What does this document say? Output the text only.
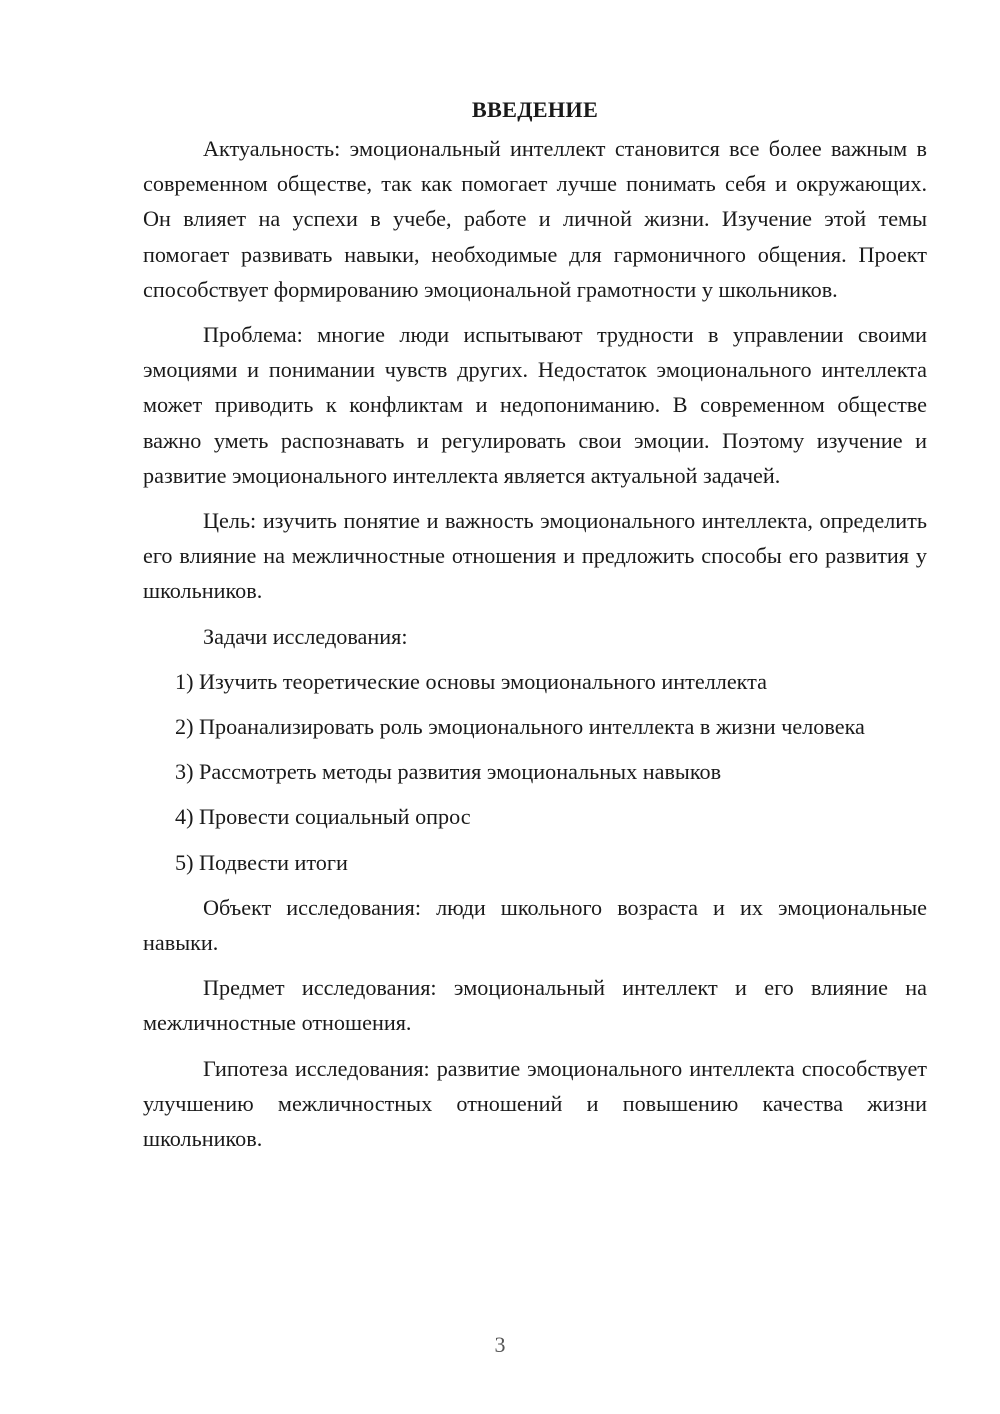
ВВЕДЕНИЕ

Актуальность: эмоциональный интеллект становится все более важным в современном обществе, так как помогает лучше понимать себя и окружающих. Он влияет на успехи в учебе, работе и личной жизни. Изучение этой темы помогает развивать навыки, необходимые для гармоничного общения. Проект способствует формированию эмоциональной грамотности у школьников.

Проблема: многие люди испытывают трудности в управлении своими эмоциями и понимании чувств других. Недостаток эмоционального интеллекта может приводить к конфликтам и недопониманию. В современном обществе важно уметь распознавать и регулировать свои эмоции. Поэтому изучение и развитие эмоционального интеллекта является актуальной задачей.

Цель: изучить понятие и важность эмоционального интеллекта, определить его влияние на межличностные отношения и предложить способы его развития у школьников.

Задачи исследования:

1) Изучить теоретические основы эмоционального интеллекта

2) Проанализировать роль эмоционального интеллекта в жизни человека

3) Рассмотреть методы развития эмоциональных навыков

4) Провести социальный опрос

5) Подвести итоги

Объект исследования: люди школьного возраста и их эмоциональные навыки.

Предмет исследования: эмоциональный интеллект и его влияние на межличностные отношения.

Гипотеза исследования: развитие эмоционального интеллекта способствует улучшению межличностных отношений и повышению качества жизни школьников.

3
